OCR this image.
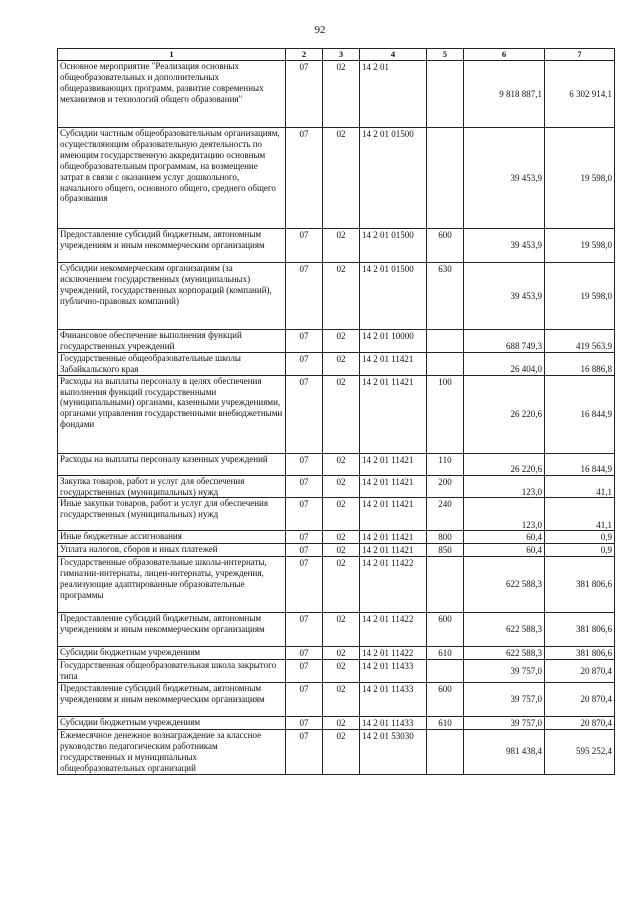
92
1	2	3	4	5	6	7
Основное мероприятие "Реализация основных общеобразовательных и дополнительных общеразвивающих программ, развитие современных механизмов и технологий общего образования"	07	02	14 2 01		9 818 887,1	6 302 914,1
Субсидии частным общеобразовательным организациям, осуществляющим образовательную деятельность по имеющим государственную аккредитацию основным общеобразовательным программам, на возмещение затрат в связи с оказанием услуг дошкольного, начального общего, основного общего, среднего общего образования	07	02	14 2 01 01500		39 453,9	19 598,0
Предоставление субсидий бюджетным, автономным учреждениям и иным некоммерческим организациям	07	02	14 2 01 01500	600	39 453,9	19 598,0
Субсидии некоммерческим организациям (за исключением государственных (муниципальных) учреждений, государственных корпораций (компаний), публично-правовых компаний)	07	02	14 2 01 01500	630	39 453,9	19 598,0
Финансовое обеспечение выполнения функций государственных учреждений	07	02	14 2 01 10000		688 749,3	419 563,9
Государственные общеобразовательные школы Забайкальского края	07	02	14 2 01 11421		26 404,0	16 886,8
Расходы на выплаты персоналу в целях обеспечения выполнения функций государственными (муниципальными) органами, казенными учреждениями, органами управления государственными внебюджетными фондами	07	02	14 2 01 11421	100	26 220,6	16 844,9
Расходы на выплаты персоналу казенных учреждений	07	02	14 2 01 11421	110	26 220,6	16 844,9
Закупка товаров, работ и услуг для обеспечения государственных (муниципальных) нужд	07	02	14 2 01 11421	200	123,0	41,1
Иные закупки товаров, работ и услуг для обеспечения государственных (муниципальных) нужд	07	02	14 2 01 11421	240	123,0	41,1
Иные бюджетные ассигнования	07	02	14 2 01 11421	800	60,4	0,9
Уплата налогов, сборов и иных платежей	07	02	14 2 01 11421	850	60,4	0,9
Государственные образовательные школы-интернаты, гимназии-интернаты, лицеи-интернаты, учреждения, реализующие адаптированные образовательные программы	07	02	14 2 01 11422		622 588,3	381 806,6
Предоставление субсидий бюджетным, автономным учреждениям и иным некоммерческим организациям	07	02	14 2 01 11422	600	622 588,3	381 806,6
Субсидии бюджетным учреждениям	07	02	14 2 01 11422	610	622 588,3	381 806,6
Государственная общеобразовательная школа закрытого типа	07	02	14 2 01 11433		39 757,0	20 870,4
Предоставление субсидий бюджетным, автономным учреждениям и иным некоммерческим организациям	07	02	14 2 01 11433	600	39 757,0	20 870,4
Субсидии бюджетным учреждениям	07	02	14 2 01 11433	610	39 757,0	20 870,4
Ежемесячное денежное вознаграждение за классное руководство педагогическим работникам государственных и муниципальных общеобразовательных организаций	07	02	14 2 01 53030		981 438,4	595 252,4
